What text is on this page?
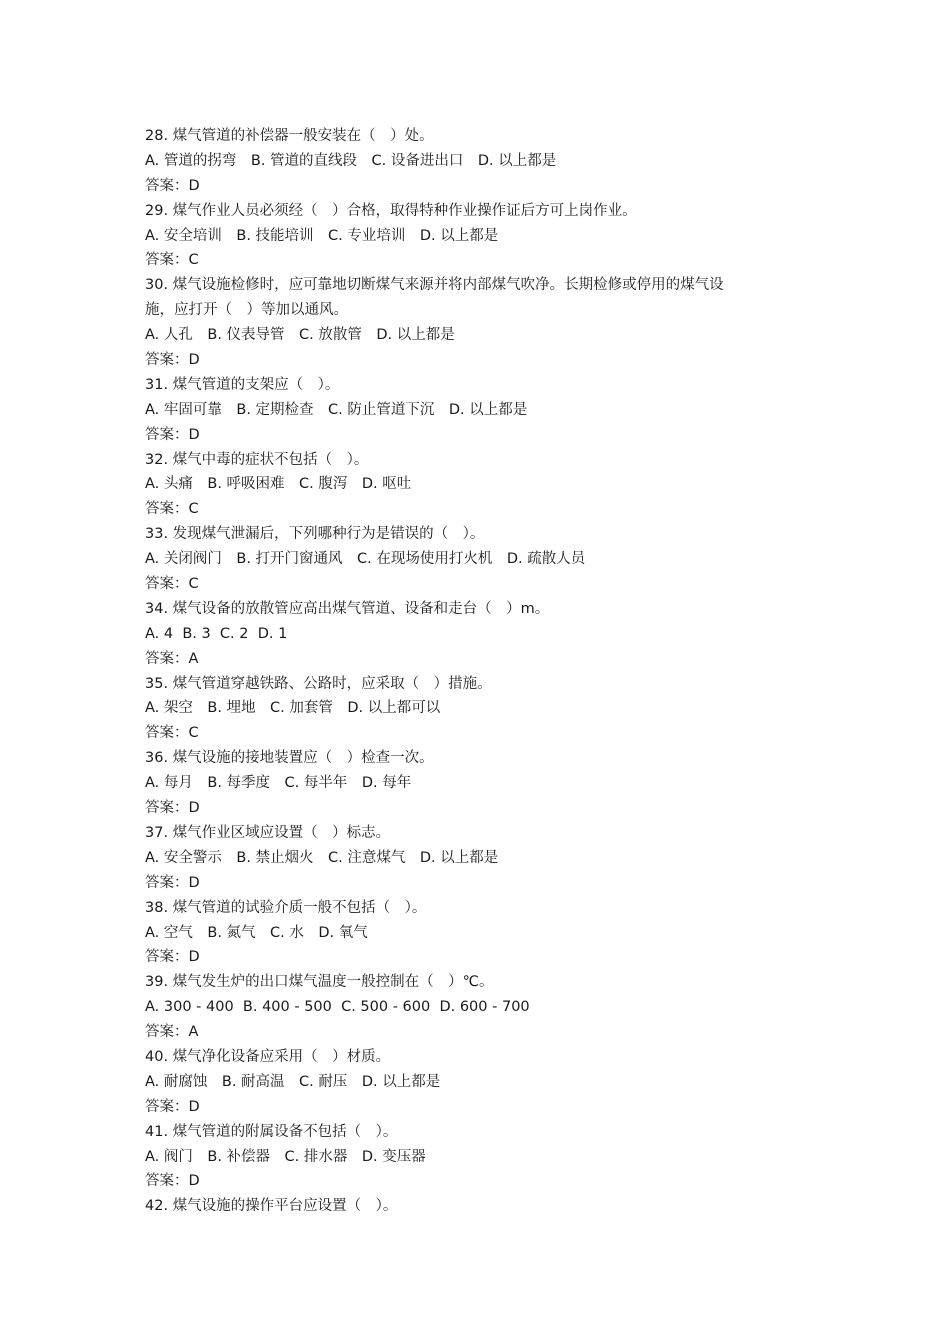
28. 煤气管道的补偿器一般安装在（　）处。
A. 管道的拐弯　B. 管道的直线段　C. 设备进出口　D. 以上都是
答案：D
29. 煤气作业人员必须经（　）合格，取得特种作业操作证后方可上岗作业。
A. 安全培训　B. 技能培训　C. 专业培训　D. 以上都是
答案：C
30. 煤气设施检修时，应可靠地切断煤气来源并将内部煤气吹净。长期检修或停用的煤气设
施，应打开（　）等加以通风。
A. 人孔　B. 仪表导管　C. 放散管　D. 以上都是
答案：D
31. 煤气管道的支架应（　）。
A. 牢固可靠　B. 定期检查　C. 防止管道下沉　D. 以上都是
答案：D
32. 煤气中毒的症状不包括（　）。
A. 头痛　B. 呼吸困难　C. 腹泻　D. 呕吐
答案：C
33. 发现煤气泄漏后，下列哪种行为是错误的（　）。
A. 关闭阀门　B. 打开门窗通风　C. 在现场使用打火机　D. 疏散人员
答案：C
34. 煤气设备的放散管应高出煤气管道、设备和走台（　）m。
A. 4  B. 3  C. 2  D. 1
答案：A
35. 煤气管道穿越铁路、公路时，应采取（　）措施。
A. 架空　B. 埋地　C. 加套管　D. 以上都可以
答案：C
36. 煤气设施的接地装置应（　）检查一次。
A. 每月　B. 每季度　C. 每半年　D. 每年
答案：D
37. 煤气作业区域应设置（　）标志。
A. 安全警示　B. 禁止烟火　C. 注意煤气　D. 以上都是
答案：D
38. 煤气管道的试验介质一般不包括（　）。
A. 空气　B. 氮气　C. 水　D. 氧气
答案：D
39. 煤气发生炉的出口煤气温度一般控制在（　）℃。
A. 300 - 400  B. 400 - 500  C. 500 - 600  D. 600 - 700
答案：A
40. 煤气净化设备应采用（　）材质。
A. 耐腐蚀　B. 耐高温　C. 耐压　D. 以上都是
答案：D
41. 煤气管道的附属设备不包括（　）。
A. 阀门　B. 补偿器　C. 排水器　D. 变压器
答案：D
42. 煤气设施的操作平台应设置（　）。
